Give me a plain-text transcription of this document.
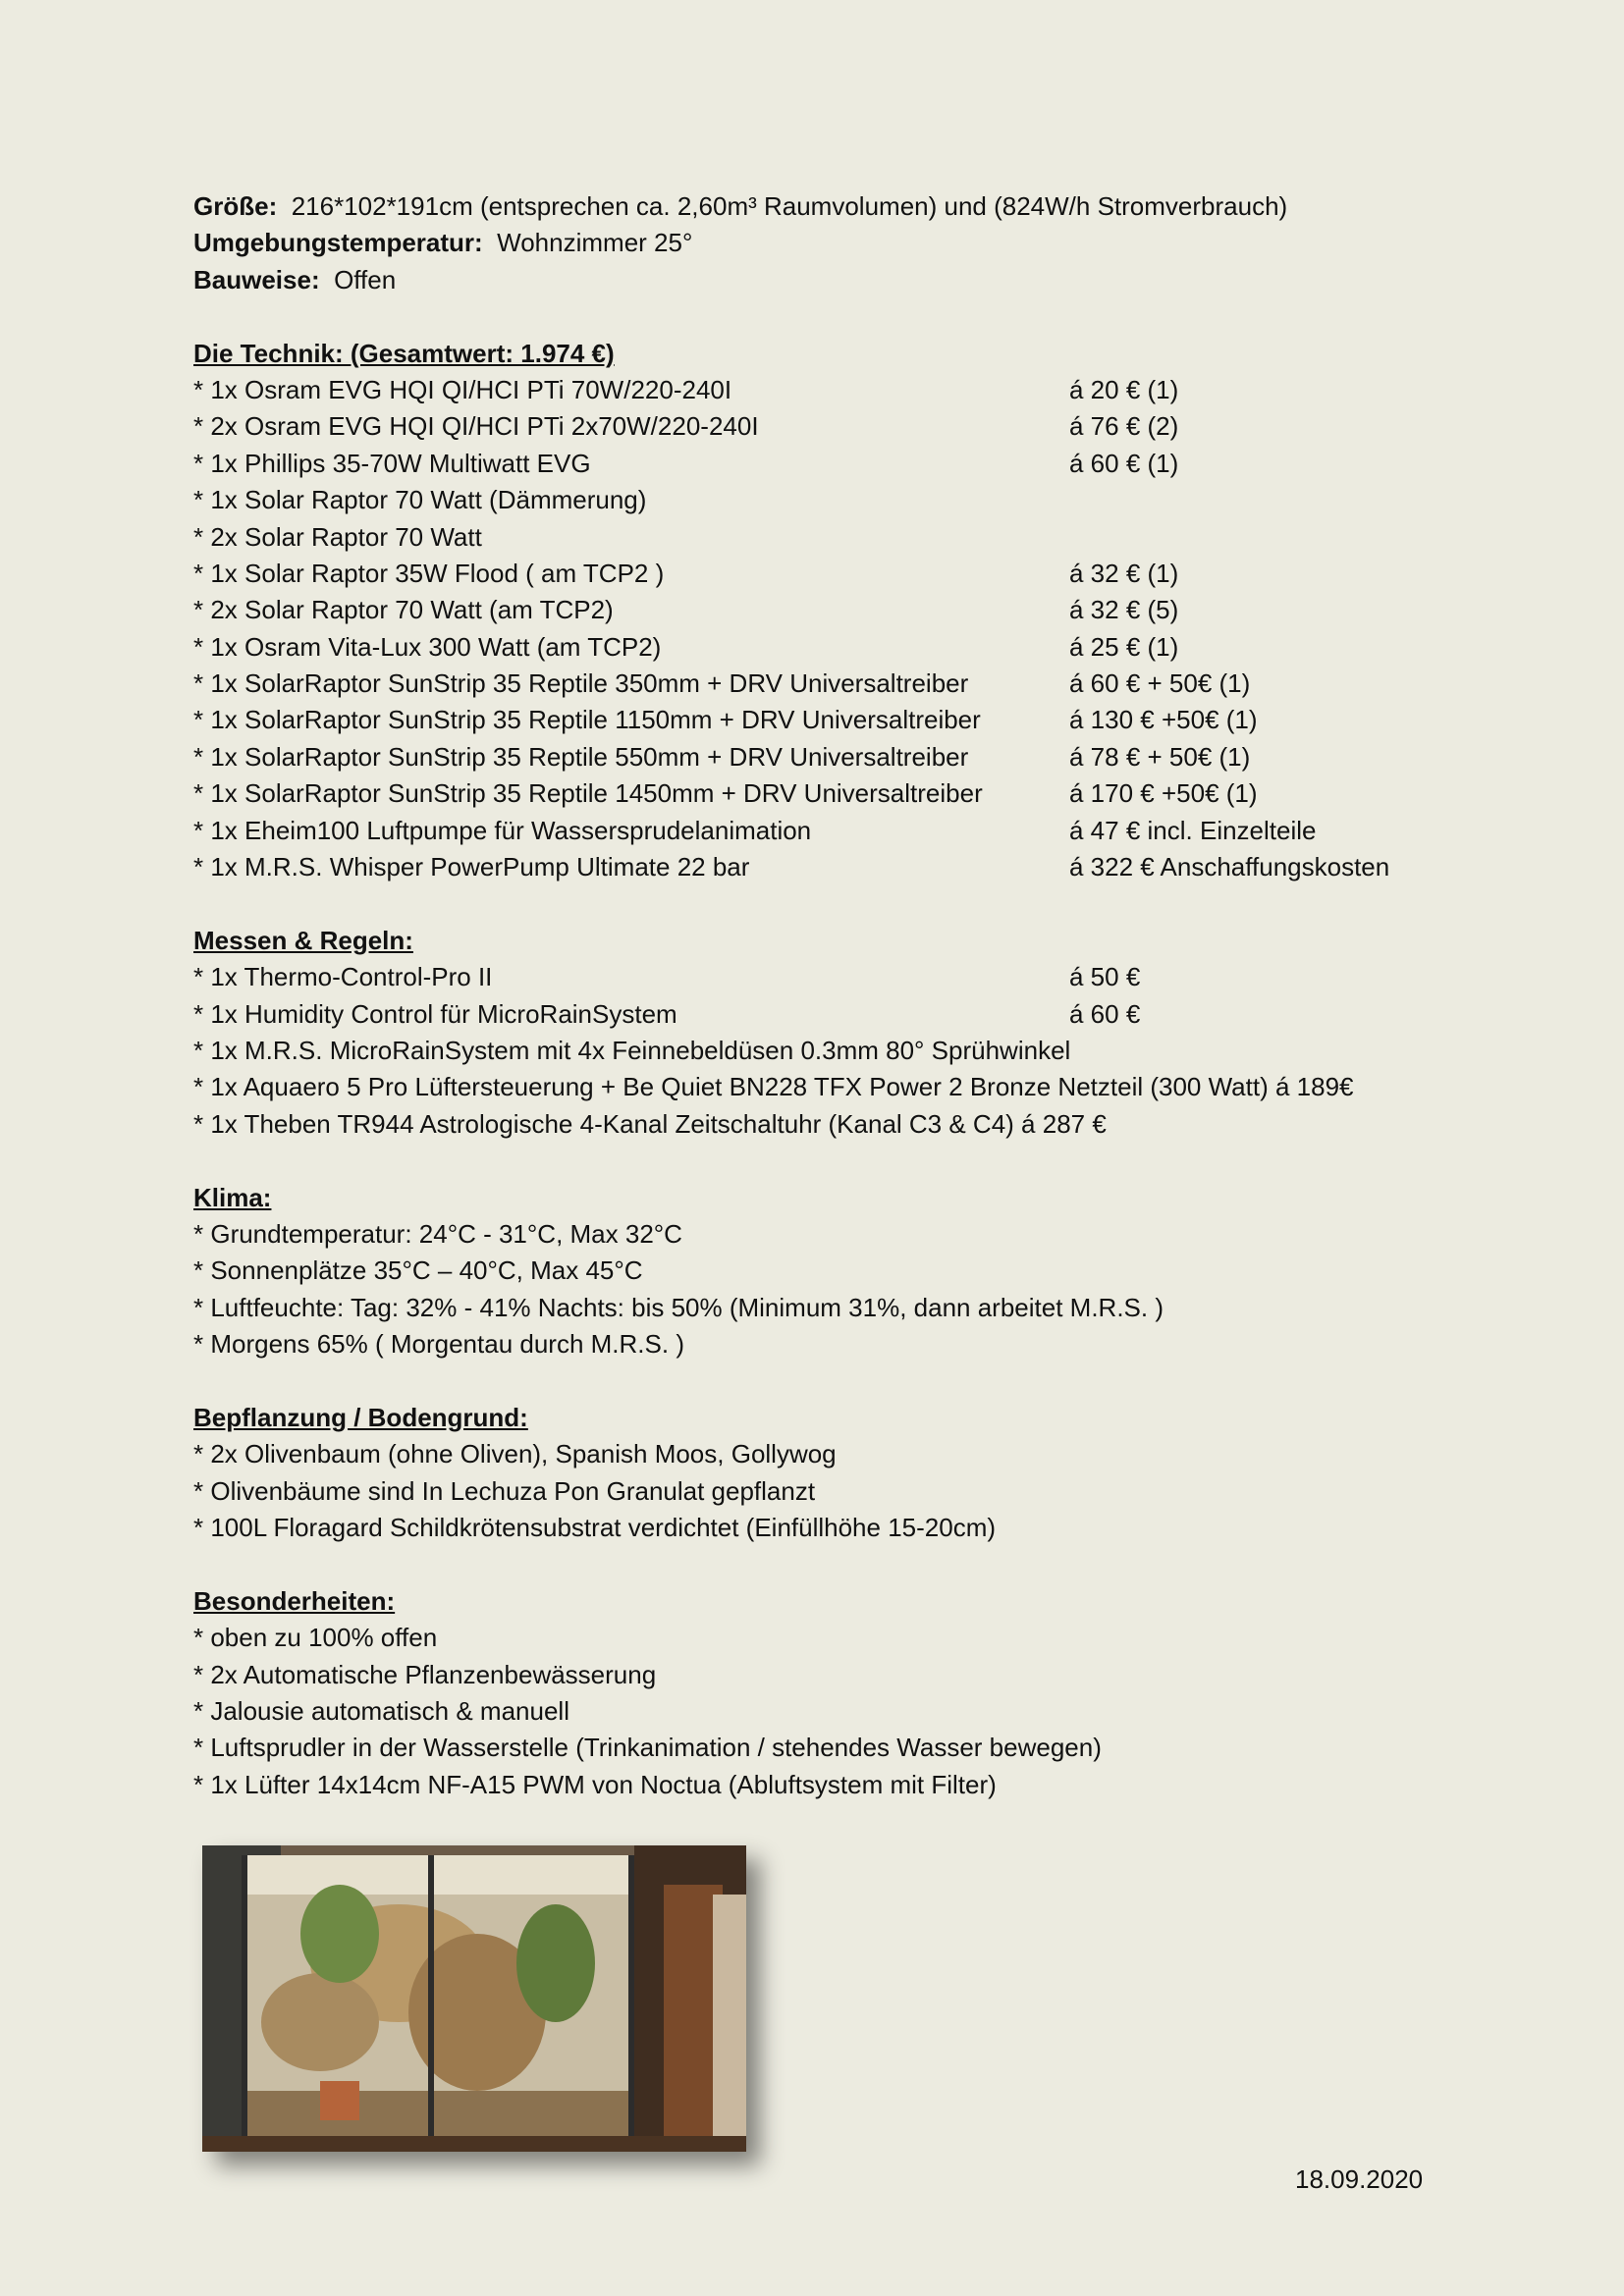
Größe: 216*102*191cm (entsprechen ca. 2,60m³ Raumvolumen) und (824W/h Stromverbrauch)
Umgebungstemperatur: Wohnzimmer 25°
Bauweise: Offen
Die Technik: (Gesamtwert: 1.974 €)
* 1x Osram EVG HQI QI/HCI PTi 70W/220-240I	á 20 € (1)
* 2x Osram EVG HQI QI/HCI PTi 2x70W/220-240I	á 76 € (2)
* 1x Phillips 35-70W Multiwatt EVG	á 60 € (1)
* 1x Solar Raptor 70 Watt (Dämmerung)
* 2x Solar Raptor 70 Watt
* 1x Solar Raptor 35W Flood ( am TCP2 )	á 32 € (1)
* 2x Solar Raptor 70 Watt (am TCP2)	á 32 € (5)
* 1x Osram Vita-Lux 300 Watt (am TCP2)	á 25 € (1)
* 1x SolarRaptor SunStrip 35 Reptile 350mm + DRV Universaltreiber	á 60 € + 50€ (1)
* 1x SolarRaptor SunStrip 35 Reptile 1150mm + DRV Universaltreiber	á 130 € +50€ (1)
* 1x SolarRaptor SunStrip 35 Reptile 550mm + DRV Universaltreiber	á 78 € + 50€ (1)
* 1x SolarRaptor SunStrip 35 Reptile 1450mm + DRV Universaltreiber	á 170 € +50€ (1)
* 1x Eheim100 Luftpumpe für Wassersprudelanimation	á 47 € incl. Einzelteile
* 1x M.R.S. Whisper PowerPump Ultimate 22 bar	á 322 € Anschaffungskosten
Messen & Regeln:
* 1x Thermo-Control-Pro II	á 50 €
* 1x Humidity Control für MicroRainSystem	á 60 €
* 1x M.R.S. MicroRainSystem mit 4x Feinnebeldüsen 0.3mm 80° Sprühwinkel
* 1x Aquaero 5 Pro Lüftersteuerung + Be Quiet BN228 TFX Power 2 Bronze Netzteil (300 Watt) á 189€
* 1x Theben TR944 Astrologische 4-Kanal Zeitschaltuhr (Kanal C3 & C4) á 287 €
Klima:
* Grundtemperatur: 24°C - 31°C, Max 32°C
* Sonnenplätze 35°C – 40°C, Max 45°C
* Luftfeuchte: Tag: 32% - 41% Nachts: bis 50% (Minimum 31%, dann arbeitet M.R.S. )
* Morgens 65% ( Morgentau durch M.R.S. )
Bepflanzung / Bodengrund:
* 2x Olivenbaum (ohne Oliven), Spanish Moos, Gollywog
* Olivenbäume sind In Lechuza Pon Granulat gepflanzt
* 100L Floragard Schildkrötensubstrat verdichtet (Einfüllhöhe 15-20cm)
Besonderheiten:
* oben zu 100% offen
* 2x Automatische Pflanzenbewässerung
* Jalousie automatisch & manuell
* Luftsprudler in der Wasserstelle (Trinkanimation / stehendes Wasser bewegen)
* 1x Lüfter 14x14cm NF-A15 PWM von Noctua (Abluftsystem mit Filter)
18.09.2020
